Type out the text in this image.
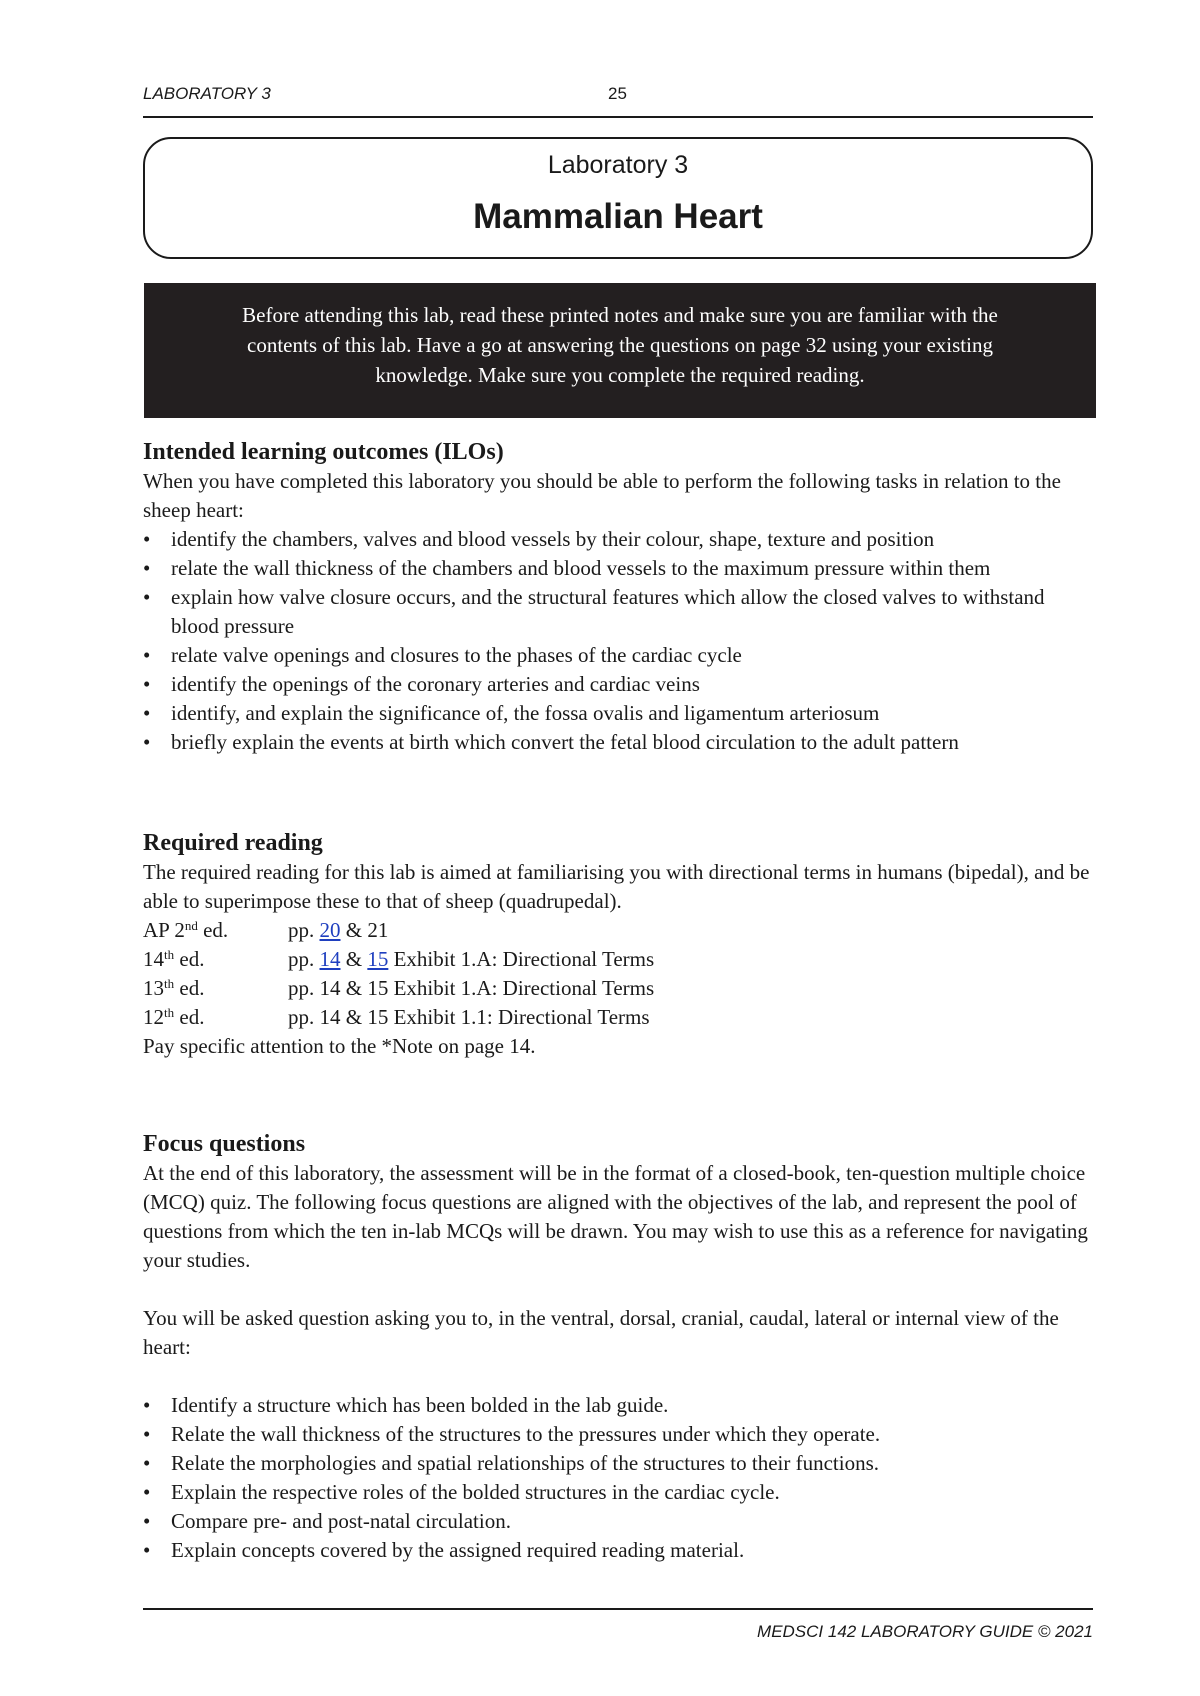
LABORATORY 3	25
Laboratory 3
Mammalian Heart

Before attending this lab, read these printed notes and make sure you are familiar with the

contents of this lab. Have a go at answering the questions on page 32 using your existing

knowledge. Make sure you complete the required reading.

Intended learning outcomes (ILOs)

When you have completed this laboratory you should be able to perform the following tasks in relation to the sheep heart:

• identify the chambers, valves and blood vessels by their colour, shape, texture and position
• relate the wall thickness of the chambers and blood vessels to the maximum pressure within them
• explain how valve closure occurs, and the structural features which allow the closed valves to withstand blood pressure
• relate valve openings and closures to the phases of the cardiac cycle
• identify the openings of the coronary arteries and cardiac veins
• identify, and explain the significance of, the fossa ovalis and ligamentum arteriosum
• briefly explain the events at birth which convert the fetal blood circulation to the adult pattern
Required reading

The required reading for this lab is aimed at familiarising you with directional terms in humans (bipedal), and be able to superimpose these to that of sheep (quadrupedal).

AP 2nd ed.	pp. 20 & 21
14th ed.	pp. 14 & 15 Exhibit 1.A: Directional Terms
13th ed.	pp. 14 & 15 Exhibit 1.A: Directional Terms
12th ed.	pp. 14 & 15 Exhibit 1.1: Directional Terms

Pay specific attention to the *Note on page 14.

Focus questions

At the end of this laboratory, the assessment will be in the format of a closed-book, ten-question multiple choice (MCQ) quiz. The following focus questions are aligned with the objectives of the lab, and represent the pool of questions from which the ten in-lab MCQs will be drawn. You may wish to use this as a reference for navigating your studies.

You will be asked question asking you to, in the ventral, dorsal, cranial, caudal, lateral or internal view of the heart:

• Identify a structure which has been bolded in the lab guide.
• Relate the wall thickness of the structures to the pressures under which they operate.
• Relate the morphologies and spatial relationships of the structures to their functions.
• Explain the respective roles of the bolded structures in the cardiac cycle.
• Compare pre- and post-natal circulation.
• Explain concepts covered by the assigned required reading material.
MEDSCI 142 LABORATORY GUIDE © 2021
